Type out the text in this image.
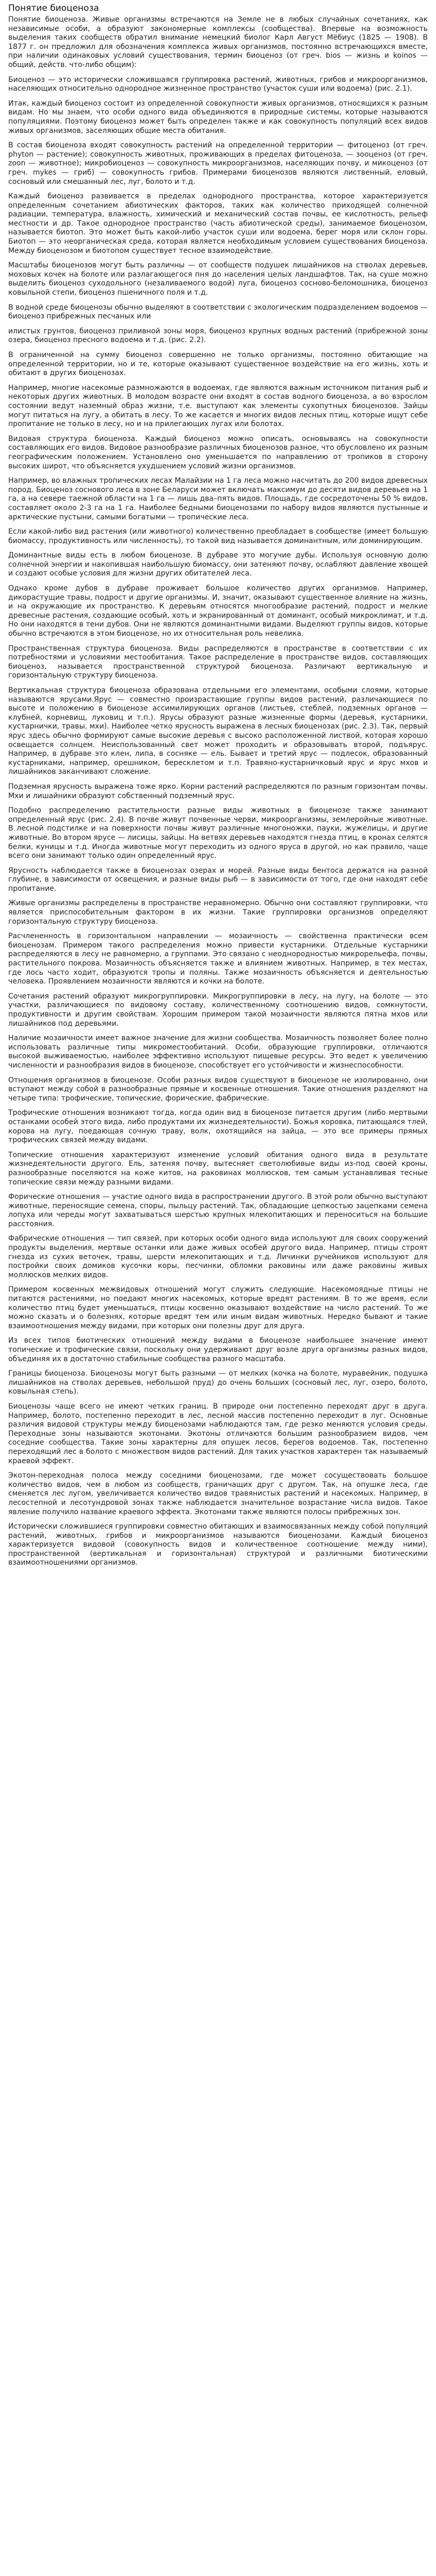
Понятие биоценоза

Понятие биоценоза. Живые организмы встречаются на Земле не в любых случайных сочетаниях, как независимые особи, а образуют закономерные комплексы (сообщества). Впервые на возможность выделения таких сообществ обратил внимание немецкий биолог Карл Август Мёбиус (1825 — 1908). В 1877 г. он предложил для обозначения комплекса живых организмов, постоянно встречающихся вместе, при наличии одинаковых условий существования, термин биоценоз (от греч. bios — жизнь и koinos — общий, действ. что-либо общим):

Биоценоз — это исторически сложившаяся группировка растений, животных, грибов и микроорганизмов, населяющих относительно однородное жизненное пространство (участок суши или водоема) (рис. 2.1).

Итак, каждый биоценоз состоит из определенной совокупности живых организмов, относящихся к разным видам. Но мы знаем, что особи одного вида объединяются в природные системы, которые называются популяциями. Поэтому биоценоз может быть определен также и как совокупность популяций всех видов живых организмов, заселяющих общие места обитания.

В состав биоценоза входят совокупность растений на определенной территории — фитоценоз (от греч. phyton — растение); совокупность животных, проживающих в пределах фитоценоза, — зооценоз (от греч. zoon — животное); микробиоценоз — совокупность микроорганизмов, населяющих почву, и микоценоз (от греч. mykes — гриб) — совокупность грибов. Примерами биоценозов являются лиственный, еловый, сосновый или смешанный лес, луг, болото и т.д.

Каждый биоценоз развивается в пределах однородного пространства, которое характеризуется определенным сочетанием абиотических факторов, таких как количество приходящей солнечной радиации, температура, влажность, химический и механический состав почвы, ее кислотность, рельеф местности и др. Такое однородное пространство (часть абиотической среды), занимаемое биоценозом, называется биотоп. Это может быть какой-либо участок суши или водоема, берег моря или склон горы. Биотоп — это неорганическая среда, которая является необходимым условием существования биоценоза. Между биоценозом и биотопом существует тесное взаимодействие.

Масштабы биоценозов могут быть различны — от сообществ подушек лишайников на стволах деревьев, моховых кочек на болоте или разлагающегося пня до населения целых ландшафтов. Так, на суше можно выделить биоценоз суходольного (незаливаемого водой) луга, биоценоз сосново-беломошника, биоценоз ковыльной степи, биоценоз пшеничного поля и т.д.

В водной среде биоценозы обычно выделяют в соответствии с экологическим подразделением водоемов — биоценоз прибрежных песчаных или

илистых грунтов, биоценоз приливной зоны моря, биоценоз крупных водных растений (прибрежной зоны озера, биоценоз пресного водоема и т.д. (рис. 2.2).

В ограниченной на сумму биоценоз совершенно не только организмы, постоянно обитающие на определенной территории, но и те, которые оказывают существенное воздействие на его жизнь, хоть и обитают в других биоценозах.

Например, многие насекомые размножаются в водоемах, где являются важным источником питания рыб и некоторых других животных. В молодом возрасте они входят в состав водного биоценоза, а во взрослом состоянии ведут наземный образ жизни, т.е. выступают как элементы сухопутных биоценозов. Зайцы могут питаться на лугу, а обитать в лесу. То же касается и многих видов лесных птиц, которые ищут себе пропитание не только в лесу, но и на прилегающих лугах или болотах.

Видовая структура биоценоза. Каждый биоценоз можно описать, основываясь на совокупности составляющих его видов. Видовое разнообразие различных биоценозов разное, что обусловлено их разным географическим положением. Установлено оно уменьшается по направлению от тропиков в сторону высоких широт, что объясняется ухудшением условий жизни организмов.

Например, во влажных тропических лесах Малайзии на 1 га леса можно насчитать до 200 видов древесных пород. Биоценоз соснового леса в зоне Беларуси может включать максимум до десяти видов деревьев на 1 га, а на севере таежной области на 1 га — лишь два–пять видов. Площадь, где сосредоточены 50 % видов, составляет около 2-3 га на 1 га. Наиболее бедными биоценозами по набору видов являются пустынные и арктические пустыни, самыми богатыми — тропические леса.

Если какой-либо вид растения (или животного) количественно преобладает в сообществе (имеет большую биомассу, продуктивность или численность), то такой вид называется доминантным, или доминирующим.

Доминантные виды есть в любом биоценозе. В дубраве это могучие дубы. Используя основную долю солнечной энергии и накопившая наибольшую биомассу, они затеняют почву, ослабляют давление хвощей и создают особые условия для жизни других обитателей леса.

Однако кроме дубов в дубраве проживает большое количество других организмов. Например, дикорастущие травы, подрост и другие организмы. И, значит, оказывают существенное влияние на жизнь, и на окружающие их пространство. К деревьям относятся многообразие растений, подрост и мелкие древесные растения, создающие особый, хоть и экранированный от доминант, особый микроклимат, и т.д. Но они находятся в тени дубов. Они не являются доминантными видами. Выделяют группы видов, которые обычно встречаются в этом биоценозе, но их относительная роль невелика.

Пространственная структура биоценоза. Виды распределяются в пространстве в соответствии с их потребностями и условиями местообитания. Такое распределение в пространстве видов, составляющих биоценоз, называется пространственной структурой биоценоза. Различают вертикальную и горизонтальную структуру биоценоза.

Вертикальная структура биоценоза образована отдельными его элементами, особыми слоями, которые называются ярусами.Ярус — совместно произрастающие группы видов растений, различающиеся по высоте и положению в биоценозе ассимилирующих органов (листьев, стеблей, подземных органов — клубней, корневищ, луковиц и т.п.). Ярусы образуют разные жизненные формы (деревья, кустарники, кустарнички, травы, мхи). Наиболее четко ярусность выражена в лесных биоценозах (рис. 2.3). Так, первый ярус здесь обычно формируют самые высокие деревья с высоко расположенной листвой, которая хорошо освещается солнцем. Неиспользованный свет может проходить и образовывать второй, подъярус. Например, в дубраве это клен, липа, в сосняке — ель. Бывает и третий ярус — подлесок, образованный кустарниками, например, орешником, бересклетом и т.п. Травяно-кустарничковый ярус и ярус мхов и лишайников заканчивают сложение.

Подземная ярусность выражена тоже ярко. Корни растений распределяются по разным горизонтам почвы. Мхи и лишайники образуют собственный подземный ярус.

Подобно распределению растительности разные виды животных в биоценозе также занимают определенный ярус (рис. 2.4). В почве живут почвенные черви, микроорганизмы, землеройные животные. В лесной подстилке и на поверхности почвы живут различные многоножки, пауки, жужелицы, и другие животные. Во втором ярусе — лисицы, зайцы. На ветвях деревьев находятся гнезда птиц, в кронах селятся белки, куницы и т.д. Иногда животные могут переходить из одного яруса в другой, но как правило, чаще всего они занимают только один определенный ярус.

Ярусность наблюдается также в биоценозах озерах и морей. Разные виды бентоса держатся на разной глубине, в зависимости от освещения, и разные виды рыб — в зависимости от того, где они находят себе пропитание.

Живые организмы распределены в пространстве неравномерно. Обычно они составляют группировки, что является приспособительным фактором в их жизни. Такие группировки организмов определяют горизонтальную структуру биоценоза.

Расчлененность в горизонтальном направлении — мозаичность — свойственна практически всем биоценозам. Примером такого распределения можно привести кустарники. Отдельные кустарники распределяются в лесу не равномерно, а группами. Это связано с неоднородностью микрорельефа, почвы, растительного покрова. Мозаичность объясняется также и влиянием животных. Например, в тех местах, где лось часто ходит, образуются тропы и поляны. Также мозаичность объясняется и деятельностью человека. Проявлением мозаичности являются и кочки на болоте.

Сочетания растений образуют микрогруппировки. Микрогруппировки в лесу, на лугу, на болоте — это участки, различающиеся по видовому составу, количественному соотношению видов, сомкнутости, продуктивности и другим свойствам. Хорошим примером такой мозаичности являются пятна мхов или лишайников под деревьями.

Наличие мозаичности имеет важное значение для жизни сообщества. Мозаичность позволяет более полно использовать различные типы микроместообитаний. Особи, образующие группировки, отличаются высокой выживаемостью, наиболее эффективно используют пищевые ресурсы. Это ведет к увеличению численности и разнообразия видов в биоценозе, способствует его устойчивости и жизнеспособности.

Отношения организмов в биоценозе. Особи разных видов существуют в биоценозе не изолированно, они вступают между собой в разнообразные прямые и косвенные отношения. Такие отношения разделяют на четыре типа: трофические, топические, форические, фабрические.

Трофические отношения возникают тогда, когда один вид в биоценозе питается другим (либо мертвыми останками особей этого вида, либо продуктами их жизнедеятельности). Божья коровка, питающаяся тлей, корова на лугу, поедающая сочную траву, волк, охотящийся на зайца, — это все примеры прямых трофических связей между видами.

Топические отношения характеризуют изменение условий обитания одного вида в результате жизнедеятельности другого. Ель, затеняя почву, вытесняет светолюбивые виды из-под своей кроны, разнообразные поселяются на коже китов, на раковинах моллюсков, тем самым устанавливая тесные топические связи между разными видами.

Форические отношения — участие одного вида в распространении другого. В этой роли обычно выступают животные, переносящие семена, споры, пыльцу растений. Так, обладающие цепкостью зацепками семена лопуха или череды могут захватываться шерстью крупных млекопитающих и переноситься на большие расстояния.

Фабрические отношения — тип связей, при которых особи одного вида используют для своих сооружений продукты выделения, мертвые останки или даже живых особей другого вида. Например, птицы строят гнезда из сухих веточек, травы, шерсти млекопитающих и т.д. Личинки ручейников используют для постройки своих домиков кусочки коры, песчинки, обломки раковины или даже раковины живых моллюсков мелких видов.

Примером косвенных межвидовых отношений могут служить следующие. Насекомоядные птицы не питаются растениями, но поедают многих насекомых, которые вредят растениям. В то же время, если количество птиц будет уменьшаться, птицы косвенно оказывают воздействие на число растений. То же можно сказать и о болезнях, которые вредят тем или иным видам животных. Нередко бывают и такие взаимоотношения между видами, при которых они полезны друг для друга.

Из всех типов биотических отношений между видами в биоценозе наибольшее значение имеют топические и трофические связи, поскольку они удерживают друг возле друга организмы разных видов, объединяя их в достаточно стабильные сообщества разного масштаба.

Границы биоценоза. Биоценозы могут быть разными — от мелких (кочка на болоте, муравейник, подушка лишайников на стволах деревьев, небольшой пруд) до очень больших (сосновый лес, луг, озеро, болото, ковыльная степь).

Биоценозы чаще всего не имеют четких границ. В природе они постепенно переходят друг в друга. Например, болото, постепенно переходит в лес, лесной массив постепенно переходит в луг. Основные различия видовой структуры между биоценозами наблюдаются там, где резко меняются условия среды. Переходные зоны называются экотонами. Экотоны отличаются большим разнообразием видов, чем соседние сообщества. Такие зоны характерны для опушек лесов, берегов водоемов. Так, постепенно переходящий лес в болото с множеством видов растений. Для таких участков характерен так называемый краевой эффект.

Экотон-переходная полоса между соседними биоценозами, где может сосуществовать большое количество видов, чем в любом из сообществ, граничащих друг с другом. Так, на опушке леса, где сменяется лес лугом, увеличивается количество видов травянистых растений и насекомых. Например, в лесостепной и лесотундровой зонах также наблюдается значительное возрастание числа видов. Такое явление получило название краевого эффекта. Экотонами также являются полосы прибрежных зон.

Исторически сложившиеся группировки совместно обитающих и взаимосвязанных между собой популяций растений, животных, грибов и микроорганизмов называются биоценозами. Каждый биоценоз характеризуется видовой (совокупность видов и количественное соотношение между ними), пространственной (вертикальная и горизонтальная) структурой и различными биотическими взаимоотношениями организмов.
